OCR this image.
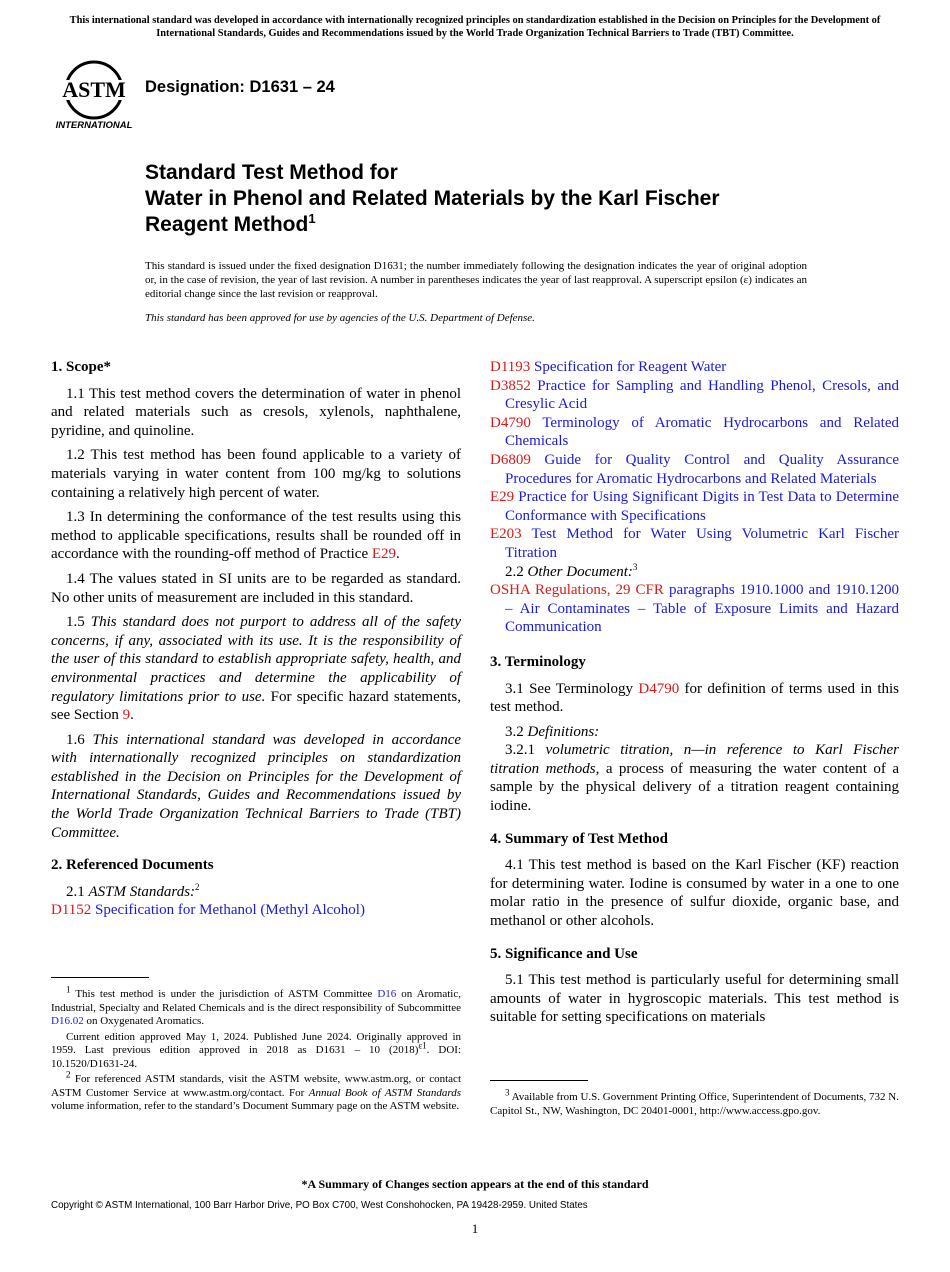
This international standard was developed in accordance with internationally recognized principles on standardization established in the Decision on Principles for the Development of International Standards, Guides and Recommendations issued by the World Trade Organization Technical Barriers to Trade (TBT) Committee.
ASTM
INTERNATIONAL
Designation: D1631 – 24
Standard Test Method for
Water in Phenol and Related Materials by the Karl Fischer
Reagent Method$^1$
This standard is issued under the fixed designation D1631; the number immediately following the designation indicates the year of original adoption or, in the case of revision, the year of last revision. A number in parentheses indicates the year of last reapproval. A superscript epsilon (ε) indicates an editorial change since the last revision or reapproval.
This standard has been approved for use by agencies of the U.S. Department of Defense.
1. Scope*

1.1 This test method covers the determination of water in phenol and related materials such as cresols, xylenols, naphthalene, pyridine, and quinoline.

1.2 This test method has been found applicable to a variety of materials varying in water content from 100 mg/kg to solutions containing a relatively high percent of water.

1.3 In determining the conformance of the test results using this method to applicable specifications, results shall be rounded off in accordance with the rounding-off method of Practice E29.

1.4 The values stated in SI units are to be regarded as standard. No other units of measurement are included in this standard.

1.5 This standard does not purport to address all of the safety concerns, if any, associated with its use. It is the responsibility of the user of this standard to establish appropriate safety, health, and environmental practices and determine the applicability of regulatory limitations prior to use. For specific hazard statements, see Section 9.

1.6 This international standard was developed in accordance with internationally recognized principles on standardization established in the Decision on Principles for the Development of International Standards, Guides and Recommendations issued by the World Trade Organization Technical Barriers to Trade (TBT) Committee.

2. Referenced Documents

2.1 ASTM Standards:$^2$

D1152 Specification for Methanol (Methyl Alcohol)
D1193 Specification for Reagent Water
D3852 Practice for Sampling and Handling Phenol, Cresols, and Cresylic Acid
D4790 Terminology of Aromatic Hydrocarbons and Related Chemicals
D6809 Guide for Quality Control and Quality Assurance Procedures for Aromatic Hydrocarbons and Related Materials
E29 Practice for Using Significant Digits in Test Data to Determine Conformance with Specifications
E203 Test Method for Water Using Volumetric Karl Fischer Titration

2.2 Other Document:$^3$

OSHA Regulations, 29 CFR paragraphs 1910.1000 and 1910.1200 – Air Contaminates – Table of Exposure Limits and Hazard Communication
3. Terminology

3.1 See Terminology D4790 for definition of terms used in this test method.

3.2 Definitions:

3.2.1 volumetric titration, n—in reference to Karl Fischer titration methods, a process of measuring the water content of a sample by the physical delivery of a titration reagent containing iodine.

4. Summary of Test Method

4.1 This test method is based on the Karl Fischer (KF) reaction for determining water. Iodine is consumed by water in a one to one molar ratio in the presence of sulfur dioxide, organic base, and methanol or other alcohols.

5. Significance and Use

5.1 This test method is particularly useful for determining small amounts of water in hygroscopic materials. This test method is suitable for setting specifications on materials

$^1$ This test method is under the jurisdiction of ASTM Committee D16 on Aromatic, Industrial, Specialty and Related Chemicals and is the direct responsibility of Subcommittee D16.02 on Oxygenated Aromatics.

Current edition approved May 1, 2024. Published June 2024. Originally approved in 1959. Last previous edition approved in 2018 as D1631 – 10 $(2018)^{\varepsilon 1}$. DOI: 10.1520/D1631-24.

$^2$ For referenced ASTM standards, visit the ASTM website, www.astm.org, or contact ASTM Customer Service at www.astm.org/contact. For Annual Book of ASTM Standards volume information, refer to the standard’s Document Summary page on the ASTM website.

$^3$ Available from U.S. Government Printing Office, Superintendent of Documents, 732 N. Capitol St., NW, Washington, DC 20401-0001, http://www.access.gpo.gov.

*A Summary of Changes section appears at the end of this standard
Copyright © ASTM International, 100 Barr Harbor Drive, PO Box C700, West Conshohocken, PA 19428-2959. United States
1
